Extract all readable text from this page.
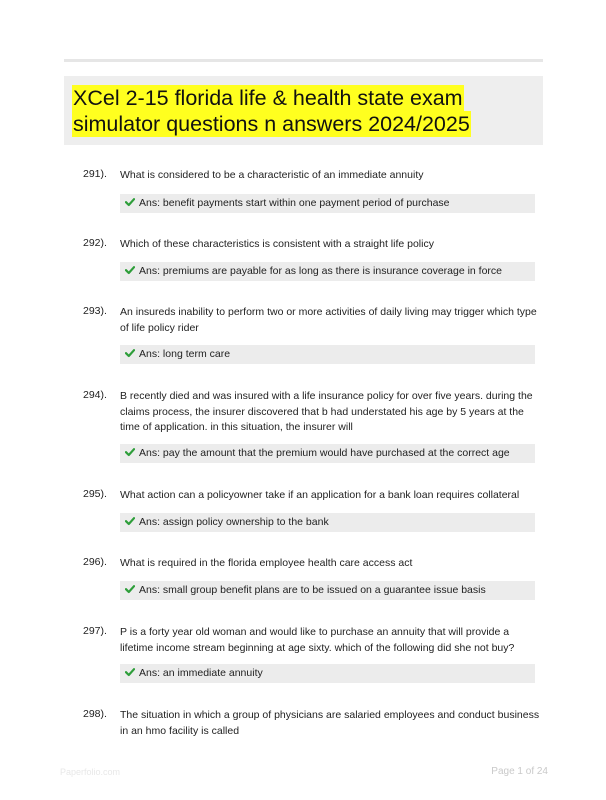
XCel 2-15 florida life & health state exam
simulator questions n answers 2024/2025
291). What is considered to be a characteristic of an immediate annuity
Ans: benefit payments start within one payment period of purchase
292). Which of these characteristics is consistent with a straight life policy
Ans: premiums are payable for as long as there is insurance coverage in force
293). An insureds inability to perform two or more activities of daily living may trigger which type of life policy rider
Ans: long term care
294). B recently died and was insured with a life insurance policy for over five years. during the claims process, the insurer discovered that b had understated his age by 5 years at the time of application. in this situation, the insurer will
Ans: pay the amount that the premium would have purchased at the correct age
295). What action can a policyowner take if an application for a bank loan requires collateral
Ans: assign policy ownership to the bank
296). What is required in the florida employee health care access act
Ans: small group benefit plans are to be issued on a guarantee issue basis
297). P is a forty year old woman and would like to purchase an annuity that will provide a lifetime income stream beginning at age sixty. which of the following did she not buy?
Ans: an immediate annuity
298). The situation in which a group of physicians are salaried employees and conduct business in an hmo facility is called
Paperfolio.com	Page 1 of 24
